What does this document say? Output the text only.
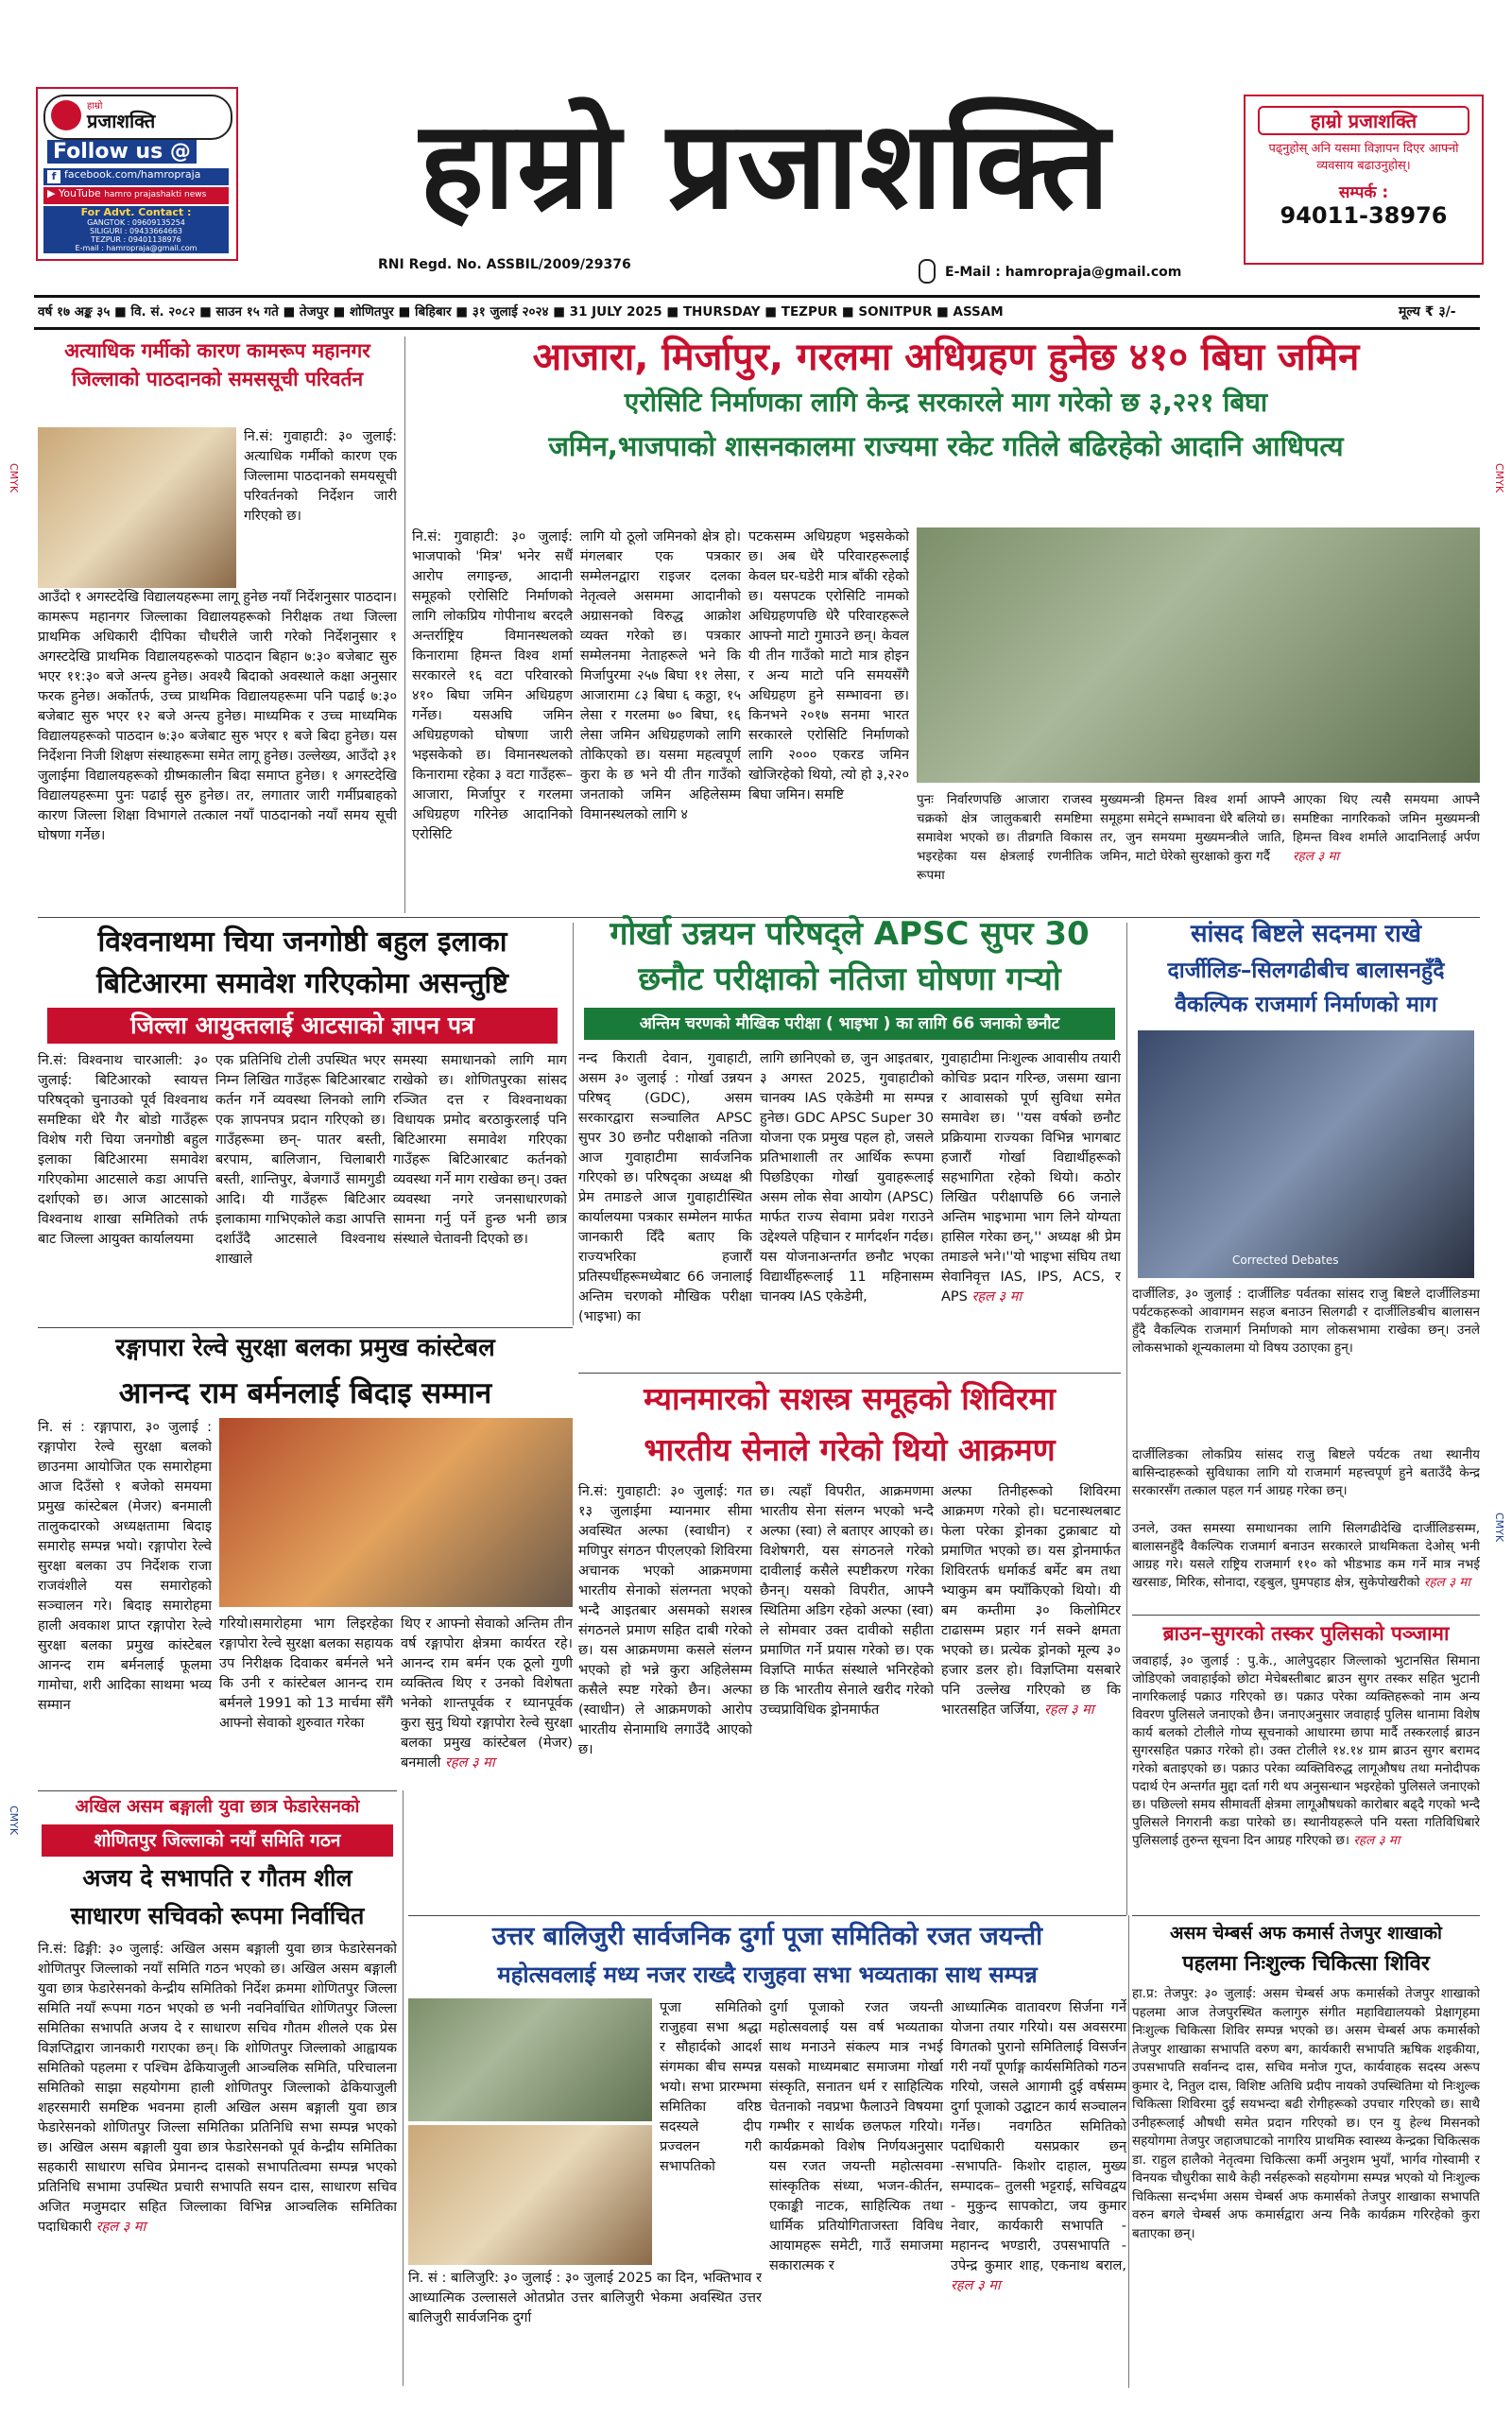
हाम्रो
प्रजाशक्ति
Follow us @
f facebook.com/hamropraja
▶ YouTube hamro prajashakti news
For Advt. Contact :
GANGTOK : 09609135254
SILIGURI : 09433664663
TEZPUR : 09401138976
E-mail : hamropraja@gmail.com
हाम्रो प्रजाशक्ति
RNI Regd. No. ASSBIL/2009/29376	E-Mail : hamropraja@gmail.com
हाम्रो प्रजाशक्ति
पढ्नुहोस् अनि यसमा विज्ञापन दिएर आफ्नो व्यवसाय बढाउनुहोस्।
सम्पर्क :
94011-38976
वर्ष १७ अङ्क ३५ ■ वि. सं. २०८२ ■ साउन १५ गते ■ तेजपुर ■ शोणितपुर ■ बिहिबार ■ ३१ जुलाई २०२४ ■ 31 JULY 2025 ■ THURSDAY ■ TEZPUR ■ SONITPUR ■ ASSAM	मूल्य ₹ ३/-
CMYK
CMYK
CMYK
CMYK
अत्याधिक गर्मीको कारण कामरूप महानगर जिल्लाको पाठदानको समससूची परिवर्तन
नि.सं: गुवाहाटी: ३० जुलाई: अत्याधिक गर्मीको कारण एक जिल्लामा पाठदानको समयसूची परिवर्तनको निर्देशन जारी गरिएको छ।
आउँदो १ अगस्टदेखि विद्यालयहरूमा लागू हुनेछ नयाँ निर्देशनुसार पाठदान। कामरूप महानगर जिल्लाका विद्यालयहरूको निरीक्षक तथा जिल्ला प्राथमिक अधिकारी दीपिका चौधरीले जारी गरेको निर्देशनुसार १ अगस्टदेखि प्राथमिक विद्यालयहरूको पाठदान बिहान ७:३० बजेबाट सुरु भएर ११:३० बजे अन्त्य हुनेछ। अवश्यै बिदाको अवस्थाले कक्षा अनुसार फरक हुनेछ। अर्कोतर्फ, उच्च प्राथमिक विद्यालयहरूमा पनि पढाई ७:३० बजेबाट सुरु भएर १२ बजे अन्त्य हुनेछ। माध्यमिक र उच्च माध्यमिक विद्यालयहरूको पाठदान ७:३० बजेबाट सुरु भएर १ बजे बिदा हुनेछ। यस निर्देशना निजी शिक्षण संस्थाहरूमा समेत लागू हुनेछ। उल्लेख्य, आउँदो ३१ जुलाईमा विद्यालयहरूको ग्रीष्मकालीन बिदा समाप्त हुनेछ। १ अगस्टदेखि विद्यालयहरूमा पुनः पढाई सुरु हुनेछ। तर, लगातार जारी गर्मीप्रबाहको कारण जिल्ला शिक्षा विभागले तत्काल नयाँ पाठदानको नयाँ समय सूची घोषणा गर्नेछ।
आजारा, मिर्जापुर, गरलमा अधिग्रहण हुनेछ ४१० बिघा जमिन
एरोसिटि निर्माणका लागि केन्द्र सरकारले माग गरेको छ ३,२२१ बिघा
जमिन,भाजपाको शासनकालमा राज्यमा रकेट गतिले बढिरहेको आदानि आधिपत्य
नि.सं: गुवाहाटी: ३० जुलाई: भाजपाको 'मित्र' भनेर सधैँ आरोप लगाइन्छ, आदानी समूहको एरोसिटि निर्माणको लागि लोकप्रिय गोपीनाथ बरदलै अन्तर्राष्ट्रिय विमानस्थलको किनारामा हिमन्त विश्व शर्मा सरकारले १६ वटा परिवारको ४१० बिघा जमिन अधिग्रहण गर्नेछ। यसअघि जमिन अधिग्रहणको घोषणा जारी भइसकेको छ। विमानस्थलको किनारामा रहेका ३ वटा गाउँहरू– आजारा, मिर्जापुर र गरलमा अधिग्रहण गरिनेछ आदानिको एरोसिटि
लागि यो ठूलो जमिनको क्षेत्र हो। मंगलबार एक पत्रकार सम्मेलनद्वारा राइजर दलका नेतृत्वले असममा आदानीको अग्रासनको विरुद्ध आक्रोश व्यक्त गरेको छ। पत्रकार सम्मेलनमा नेताहरूले भने कि मिर्जापुरमा २५७ बिघा ११ लेसा, आजारामा ८३ बिघा ६ कठ्ठा, १५ लेसा र गरलमा ७० बिघा, १६ लेसा जमिन अधिग्रहणको लागि तोकिएको छ। यसमा महत्वपूर्ण कुरा के छ भने यी तीन गाउँको जनताको जमिन अहिलेसम्म विमानस्थलको लागि ४
पटकसम्म अधिग्रहण भइसकेको छ। अब धेरै परिवारहरूलाई केवल घर-घडेरी मात्र बाँकी रहेको छ। यसपटक एरोसिटि नामको अधिग्रहणपछि धेरै परिवारहरूले आफ्नो माटो गुमाउने छन्। केवल यी तीन गाउँको माटो मात्र होइन र अन्य माटो पनि समयसँगै अधिग्रहण हुने सम्भावना छ। किनभने २०१७ सनमा भारत सरकारले एरोसिटि निर्माणको लागि २००० एकरड जमिन खोजिरहेको थियो, त्यो हो ३,२२० बिघा जमिन। समष्टि	पुनः निर्वारणपछि आजारा राजस्व चक्रको क्षेत्र जालुकबारी समष्टिमा समावेश भएको छ। तीव्रगति विकास भइरहेका यस क्षेत्रलाई रणनीतिक रूपमा
मुख्यमन्त्री हिमन्त विश्व शर्मा आफ्नै समूहमा समेट्ने सम्भावना धेरै बलियो छ। तर, जुन समयमा मुख्यमन्त्रीले जाति, जमिन, माटो घेरेको सुरक्षाको कुरा गर्दै
आएका थिए त्यसैै समयमा आफ्नै समष्टिका नागरिकको जमिन मुख्यमन्त्री हिमन्त विश्व शर्माले आदानिलाई अर्पण रहल ३ मा
विश्वनाथमा चिया जनगोष्ठी बहुल इलाका
बिटिआरमा समावेश गरिएकोमा असन्तुष्टि
जिल्ला आयुक्तलाई आटसाको ज्ञापन पत्र
नि.सं: विश्वनाथ चारआली: ३० जुलाई: बिटिआरको स्वायत्त परिषद्को चुनाउको पूर्व विश्वनाथ समष्टिका धेरै गैर बोडो गाउँहरू विशेष गरी चिया जनगोष्ठी बहुल इलाका बिटिआरमा समावेश गरिएकोमा आटसाले कडा आपत्ति दर्शाएको छ। आज आटसाको विश्वनाथ शाखा समितिको तर्फ बाट जिल्ला आयुक्त कार्यालयमा
एक प्रतिनिधि टोली उपस्थित भएर निम्न लिखित गाउँहरू बिटिआरबाट कर्तन गर्ने व्यवस्था लिनको लागि एक ज्ञापनपत्र प्रदान गरिएको छ। गाउँहरूमा छन्- पातर बस्ती, बरपाम, बालिजान, चिलाबारी बस्ती, शान्तिपुर, बेजगाउँ सामगुडी आदि। यी गाउँहरू बिटिआर इलाकामा गाभिएकोले कडा आपत्ति दर्शाउँदै आटसाले विश्वनाथ शाखाले
समस्या समाधानको लागि माग राखेको छ। शोणितपुरका सांसद रञ्जित दत्त र विश्वनाथका विधायक प्रमोद बरठाकुरलाई पनि बिटिआरमा समावेश गरिएका गाउँहरू बिटिआरबाट कर्तनको व्यवस्था गर्ने माग राखेका छन्। उक्त व्यवस्था नगरे जनसाधारणको सामना गर्नु पर्ने हुन्छ भनी छात्र संस्थाले चेतावनी दिएको छ।
गोर्खा उन्नयन परिषद्ले APSC सुपर 30
छनौट परीक्षाको नतिजा घोषणा गऱ्यो
अन्तिम चरणको मौखिक परीक्षा ( भाइभा ) का लागि 66 जनाको छनौट
नन्द किराती देवान, गुवाहाटी, असम ३० जुलाई : गोर्खा उन्नयन परिषद् (GDC), असम सरकारद्वारा सञ्चालित APSC सुपर 30 छनौट परीक्षाको नतिजा आज गुवाहाटीमा सार्वजनिक गरिएको छ। परिषद्का अध्यक्ष श्री प्रेम तमाङले आज गुवाहाटीस्थित कार्यालयमा पत्रकार सम्मेलन मार्फत जानकारी दिँदै बताए कि राज्यभरिका हजारौं प्रतिस्पर्धीहरूमध्येबाट 66 जनालाई अन्तिम चरणको मौखिक परीक्षा (भाइभा) का
लागि छानिएको छ, जुन आइतबार, ३ अगस्त 2025, गुवाहाटीको चानक्य IAS एकेडेमी मा सम्पन्न हुनेछ। GDC APSC Super 30 योजना एक प्रमुख पहल हो, जसले प्रतिभाशाली तर आर्थिक रूपमा पिछडिएका गोर्खा युवाहरूलाई असम लोक सेवा आयोग (APSC) मार्फत राज्य सेवामा प्रवेश गराउने उद्देश्यले पहिचान र मार्गदर्शन गर्दछ। यस योजनाअन्तर्गत छनौट भएका विद्यार्थीहरूलाई 11 महिनासम्म चानक्य IAS एकेडेमी,
गुवाहाटीमा निःशुल्क आवासीय तयारी कोचिङ प्रदान गरिन्छ, जसमा खाना र आवासको पूर्ण सुविधा समेत समावेश छ। ''यस वर्षको छनौट प्रक्रियामा राज्यका विभिन्न भागबाट हजारौं गोर्खा विद्यार्थीहरूको सहभागिता रहेको थियो। कठोर लिखित परीक्षापछि 66 जनाले अन्तिम भाइभामा भाग लिने योग्यता हासिल गरेका छन्,'' अध्यक्ष श्री प्रेम तमाङले भने।''यो भाइभा संघिय तथा सेवानिवृत्त IAS, IPS, ACS, र APS रहल ३ मा
सांसद बिष्टले सदनमा राखे
दार्जीलिङ–सिलगढीबीच बालासनहुँदै
वैकल्पिक राजमार्ग निर्माणको माग
Corrected Debates
दार्जीलिङ, ३० जुलाई : दार्जीलिङ पर्वतका सांसद राजु बिष्टले दार्जीलिङमा पर्यटकहरूको आवागमन सहज बनाउन सिलगढी र दार्जीलिङबीच बालासन हुँदै वैकल्पिक राजमार्ग निर्माणको माग लोकसभामा राखेका छन्। उनले लोकसभाको शून्यकालमा यो विषय उठाएका हुन्।
दार्जीलिङका लोकप्रिय सांसद राजु बिष्टले पर्यटक तथा स्थानीय बासिन्दाहरूको सुविधाका लागि यो राजमार्ग महत्त्वपूर्ण हुने बताउँदै केन्द्र सरकारसँग तत्काल पहल गर्न आग्रह गरेका छन्।
उनले, उक्त समस्या समाधानका लागि सिलगढीदेखि दार्जीलिङसम्म, बालासनहुँदै वैकल्पिक राजमार्ग बनाउन सरकारले प्राथमिकता देओस् भनी आग्रह गरे। यसले राष्ट्रिय राजमार्ग ११० को भीडभाड कम गर्ने मात्र नभई खरसाङ, मिरिक, सोनादा, रङ्बुल, घुमपहाड क्षेत्र, सुकेपोखरीको रहल ३ मा
ब्राउन–सुगरको तस्कर पुलिसको पञ्जामा
जवाहाई, ३० जुलाई : पु.के., आलेपुदहार जिल्लाको भुटानसित सिमाना जोडिएको जवाहाईको छोटा मेचेबस्तीबाट ब्राउन सुगर तस्कर सहित भुटानी नागरिकलाई पक्राउ गरिएको छ। पक्राउ परेका व्यक्तिहरूको नाम अन्य विवरण पुलिसले जनाएको छैन। जनाएअनुसार जवाहाई पुलिस थानामा विशेष कार्य बलको टोलीले गोप्य सूचनाको आधारमा छापा मार्दै तस्करलाई ब्राउन सुगरसहित पक्राउ गरेको हो। उक्त टोलीले १४.१४ ग्राम ब्राउन सुगर बरामद गरेको बताइएको छ। पक्राउ परेका व्यक्तिविरुद्ध लागूऔषध तथा मनोदीपक पदार्थ ऐन अन्तर्गत मुद्दा दर्ता गरी थप अनुसन्धान भइरहेको पुलिसले जनाएको छ। पछिल्लो समय सीमावर्ती क्षेत्रमा लागूऔषधको कारोबार बढ्दै गएको भन्दै पुलिसले निगरानी कडा पारेको छ। स्थानीयहरूले पनि यस्ता गतिविधिबारे पुलिसलाई तुरुन्त सूचना दिन आग्रह गरिएको छ। रहल ३ मा
रङ्गापारा रेल्वे सुरक्षा बलका प्रमुख कांस्टेबल
आनन्द राम बर्मनलाई बिदाइ सम्मान
नि. सं : रङ्गापारा, ३० जुलाई : रङ्गापोरा रेल्वे सुरक्षा बलको छाउनमा आयोजित एक समारोहमा आज दिउँसो १ बजेको समयमा प्रमुख कांस्टेबल (मेजर) बनमाली तालुकदारको अध्यक्षतामा बिदाइ समारोह सम्पन्न भयो। रङ्गापोरा रेल्वे सुरक्षा बलका उप निर्देशक राजा राजवंशीले यस समारोहको सञ्चालन गरे। बिदाइ समारोहमा हाली अवकाश प्राप्त रङ्गापोरा रेल्वे सुरक्षा बलका प्रमुख कांस्टेबल आनन्द राम बर्मनलाई फूलमा गामोचा, शरी आदिका साथमा भव्य सम्मान
गरियो।समारोहमा भाग लिइरहेका रङ्गापोरा रेल्वे सुरक्षा बलका सहायक उप निरीक्षक दिवाकर बर्मनले भने कि उनी र कांस्टेबल आनन्द राम बर्मनले 1991 को 13 मार्चमा सँगै आफ्नो सेवाको शुरुवात गरेका
थिए र आफ्नो सेवाको अन्तिम तीन वर्ष रङ्गापोरा क्षेत्रमा कार्यरत रहे। आनन्द राम बर्मन एक ठूलो गुणी व्यक्तित्व थिए र उनको विशेषता भनेको शान्तपूर्वक र ध्यानपूर्वक कुरा सुनु थियो रङ्गापोरा रेल्वे सुरक्षा बलका प्रमुख कांस्टेबल (मेजर) बनमाली रहल ३ मा
म्यानमारको सशस्त्र समूहको शिविरमा
भारतीय सेनाले गरेको थियो आक्रमण
नि.सं: गुवाहाटी: ३० जुलाई: गत १३ जुलाईमा म्यानमार सीमा अवस्थित अल्फा (स्वाधीन) र मणिपुर संगठन पीएलएको शिविरमा अचानक भएको आक्रमणमा भारतीय सेनाको संलग्नता भएको भन्दै आइतबार असमको सशस्त्र संगठनले प्रमाण सहित दाबी गरेको छ। यस आक्रमणमा कसले संलग्न भएको हो भन्ने कुरा अहिलेसम्म कसैले स्पष्ट गरेको छैन। अल्फा (स्वाधीन) ले आक्रमणको आरोप भारतीय सेनामाथि लगाउँदै आएको छ।
छ। त्यहाँ विपरीत, आक्रमणमा भारतीय सेना संलग्न भएको भन्दै अल्फा (स्वा) ले बताएर आएको छ। विशेषगरी, यस संगठनले गरेको दावीलाई कसैले स्पष्टीकरण गरेका छैनन्। यसको विपरीत, आफ्नै स्थितिमा अडिग रहेको अल्फा (स्वा) ले सोमवार उक्त दावीको सहीता प्रमाणित गर्ने प्रयास गरेको छ। एक विज्ञप्ति मार्फत संस्थाले भनिरहेको छ कि भारतीय सेनाले खरीद गरेको उच्चप्राविधिक ड्रोनमार्फत
अल्फा तिनीहरूको शिविरमा आक्रमण गरेको हो। घटनास्थलबाट फेला परेका ड्रोनका टुक्राबाट यो प्रमाणित भएको छ। यस ड्रोनमार्फत शिविरतर्फ धर्माकर्ड बर्मेट बम तथा भ्याकुम बम फ्याँकिएको थियो। यी बम कम्तीमा ३० किलोमिटर टाढासम्म प्रहार गर्न सक्ने क्षमता भएको छ। प्रत्येक ड्रोनको मूल्य ३० हजार डलर हो। विज्ञप्तिमा यसबारे पनि उल्लेख गरिएको छ कि भारतसहित जर्जिया, रहल ३ मा
अखिल असम बङ्गाली युवा छात्र फेडारेसनको
शोणितपुर जिल्लाको नयाँ समिति गठन
अजय दे सभापति र गौतम शील
साधारण सचिवको रूपमा निर्वाचित
नि.सं: ढिङ्गी: ३० जुलाई: अखिल असम बङ्गाली युवा छात्र फेडारेसनको शोणितपुर जिल्लाको नयाँ समिति गठन भएको छ। अखिल असम बङ्गाली युवा छात्र फेडारेसनको केन्द्रीय समितिको निर्देश क्रममा शोणितपुर जिल्ला समिति नयाँ रूपमा गठन भएको छ भनी नवनिर्वाचित शोणितपुर जिल्ला समितिका सभापति अजय दे र साधारण सचिव गौतम शीलले एक प्रेस विज्ञप्तिद्वारा जानकारी गराएका छन्। कि शोणितपुर जिल्लाको आह्वायक समितिको पहलमा र पश्चिम ढेकियाजुली आञ्चलिक समिति, परिचालना समितिको साझा सहयोगमा हाली शोणितपुर जिल्लाको ढेकियाजुली शहरसमारी समष्टिक भवनमा हाली अखिल असम बङ्गाली युवा छात्र फेडारेसनको शोणितपुर जिल्ला समितिका प्रतिनिधि सभा सम्पन्न भएको छ। अखिल असम बङ्गाली युवा छात्र फेडारेसनको पूर्व केन्द्रीय समितिका सहकारी साधारण सचिव प्रेमानन्द दासको सभापतित्वमा सम्पन्न भएको प्रतिनिधि सभामा उपस्थित प्रचारी सभापति सयन दास, साधारण सचिव अजित मजुमदार सहित जिल्लाका विभिन्न आञ्चलिक समितिका पदाधिकारी रहल ३ मा
उत्तर बालिजुरी सार्वजनिक दुर्गा पूजा समितिको रजत जयन्ती
महोत्सवलाई मध्य नजर राख्दै राजुहवा सभा भव्यताका साथ सम्पन्न
पूजा समितिको राजुहवा सभा श्रद्धा र सौहार्दको आदर्श संगमका बीच सम्पन्न भयो। सभा प्रारम्भमा समितिका वरिष्ठ सदस्यले दीप प्रज्वलन गरी सभापतिको
नि. सं : बालिजुरि: ३० जुलाई : ३० जुलाई 2025 का दिन, भक्तिभाव र आध्यात्मिक उल्लासले ओतप्रोत उत्तर बालिजुरी भेकमा अवस्थित उत्तर बालिजुरी सार्वजनिक दुर्गा
दुर्गा पूजाको रजत जयन्ती महोत्सवलाई यस वर्ष भव्यताका साथ मनाउने संकल्प मात्र नभई यसको माध्यमबाट समाजमा गोर्खा संस्कृति, सनातन धर्म र साहित्यिक चेतनाको नवप्रभा फैलाउने विषयमा गम्भीर र सार्थक छलफल गरियो। कार्यक्रमको विशेष निर्णयअनुसार यस रजत जयन्ती महोत्सवमा सांस्कृतिक संध्या, भजन-कीर्तन, एकाङ्की नाटक, साहित्यिक तथा धार्मिक प्रतियोगिताजस्ता विविध आयामहरू समेटी, गाउँ समाजमा सकारात्मक र
आध्यात्मिक वातावरण सिर्जना गर्ने योजना तयार गरियो। यस अवसरमा विगतको पुरानो समितिलाई विसर्जन गरी नयाँ पूर्णाङ्ग कार्यसमितिको गठन गरियो, जसले आगामी दुई वर्षसम्म दुर्गा पूजाको उद्घाटन कार्य सञ्चालन गर्नेछ। नवगठित समितिको पदाधिकारी यसप्रकार छन् -सभापति- किशोर दाहाल, मुख्य सम्पादक– तुलसी भट्टराई, सचिवद्वय - मुकुन्द सापकोटा, जय कुमार नेवार, कार्यकारी सभापति - महानन्द भण्डारी, उपसभापति - उपेन्द्र कुमार शाह, एकनाथ बराल, रहल ३ मा
असम चेम्बर्स अफ कमार्स तेजपुर शाखाको
पहलमा निःशुल्क चिकित्सा शिविर
हा.प्र: तेजपुर: ३० जुलाई: असम चेम्बर्स अफ कमार्सको तेजपुर शाखाको पहलमा आज तेजपुरस्थित कलागुरु संगीत महाविद्यालयको प्रेक्षागृहमा निःशुल्क चिकित्सा शिविर सम्पन्न भएको छ। असम चेम्बर्स अफ कमार्सको तेजपुर शाखाका सभापति वरुण बग, कार्यकारी सभापति ऋषिक शइकीया, उपसभापति सर्वानन्द दास, सचिव मनोज गुप्त, कार्यवाहक सदस्य अरूप कुमार दे, नितुल दास, विशिष्ट अतिथि प्रदीप नायको उपस्थितिमा यो निःशुल्क चिकित्सा शिविरमा दुई सयभन्दा बढी रोगीहरूको उपचार गरिएको छ। साथै उनीहरूलाई औषधी समेत प्रदान गरिएको छ। एन यु हेल्थ मिसनको सहयोगमा तेजपुर जहाजघाटको नागरिय प्राथमिक स्वास्थ्य केन्द्रका चिकित्सक डा. राहुल हालैको नेतृत्वमा चिकित्सा कर्मी अनुशम भुयाँ, भार्गव गोस्वामी र विनयक चौधुरीका साथै केही नर्सहरूको सहयोगमा सम्पन्न भएको यो निःशुल्क चिकित्सा सन्दर्भमा असम चेम्बर्स अफ कमार्सको तेजपुर शाखाका सभापति वरुन बगले चेम्बर्स अफ कमार्सद्वारा अन्य निकै कार्यक्रम गरिरहेको कुरा बताएका छन्।
